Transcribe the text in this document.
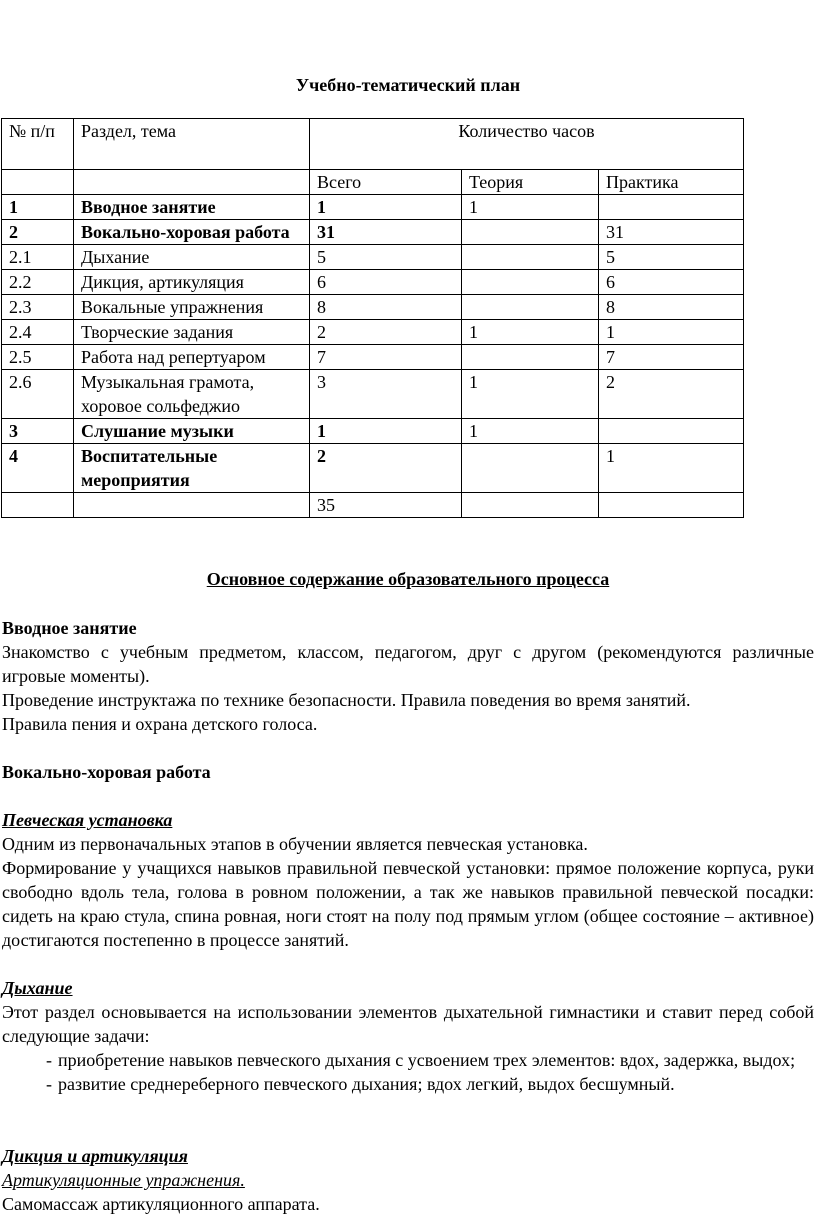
Учебно-тематический план
№ п/п	Раздел, тема	Количество часов		
		Всего	Теория	Практика
1	Вводное занятие	1	1	
2	Вокально-хоровая работа	31		31
2.1	Дыхание	5		5
2.2	Дикция, артикуляция	6		6
2.3	Вокальные упражнения	8		8
2.4	Творческие задания	2	1	1
2.5	Работа над репертуаром	7		7
2.6	Музыкальная грамота, хоровое сольфеджио	3	1	2
3	Слушание музыки	1	1	
4	Воспитательные мероприятия	2		1
		35		
Основное содержание образовательного процесса

Вводное занятие

Знакомство с учебным предметом, классом, педагогом, друг с другом (рекомендуются различные игровые моменты).

Проведение инструктажа по технике безопасности. Правила поведения во время занятий.

Правила пения и охрана детского голоса.

Вокально-хоровая работа

Певческая установка

Одним из первоначальных этапов в обучении является певческая установка.

Формирование у учащихся навыков правильной певческой установки: прямое положение корпуса, руки свободно вдоль тела, голова в ровном положении, а так же навыков правильной певческой посадки: сидеть на краю стула, спина ровная, ноги стоят на полу под прямым углом (общее состояние – активное) достигаются постепенно в процессе занятий.

Дыхание

Этот раздел основывается на использовании элементов дыхательной гимнастики и ставит перед собой следующие задачи:

- приобретение навыков певческого дыхания с усвоением трех элементов: вдох, задержка, выдох;
- развитие среднереберного певческого дыхания; вдох легкий, выдох бесшумный.

Дикция и артикуляция

Артикуляционные упражнения.

Самомассаж артикуляционного аппарата.
